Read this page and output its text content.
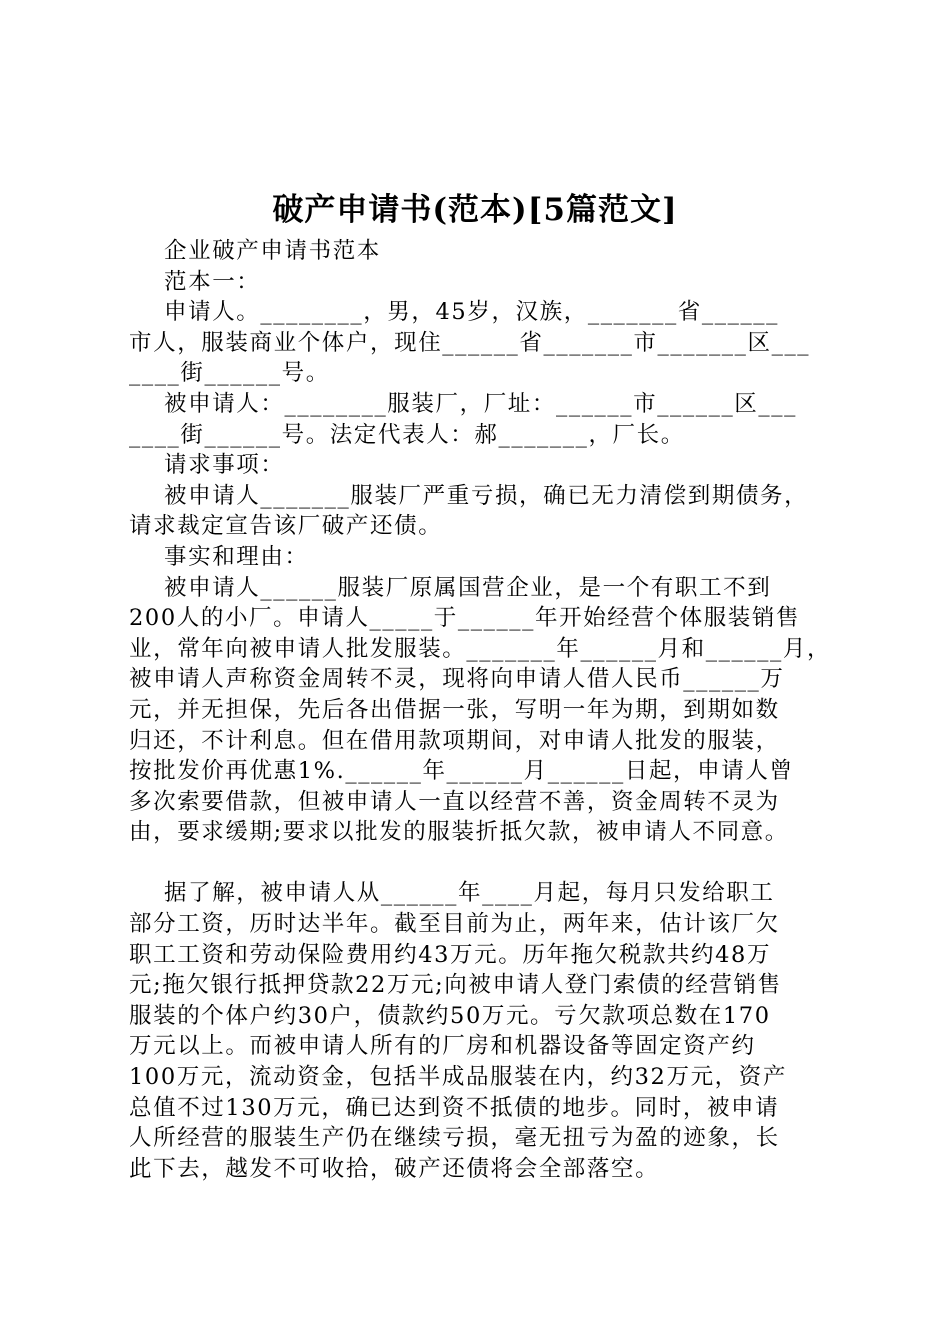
破产申请书(范本)[5篇范文]
企业破产申请书范本
范本一：
申请人。________，男，45岁，汉族，_______省______
市人，服装商业个体户，现住______省_______市_______区___
____街______号。
被申请人：________服装厂，厂址：______市______区___
____街______号。法定代表人：郝_______，厂长。
请求事项：
被申请人_______服装厂严重亏损，确已无力清偿到期债务，
请求裁定宣告该厂破产还债。
事实和理由：
被申请人______服装厂原属国营企业，是一个有职工不到
200人的小厂。申请人_____于______年开始经营个体服装销售
业，常年向被申请人批发服装。_______年______月和______月，
被申请人声称资金周转不灵，现将向申请人借人民币______万
元，并无担保，先后各出借据一张，写明一年为期，到期如数
归还，不计利息。但在借用款项期间，对申请人批发的服装，
按批发价再优惠1%.______年______月______日起，申请人曾
多次索要借款，但被申请人一直以经营不善，资金周转不灵为
由，要求缓期;要求以批发的服装折抵欠款，被申请人不同意。
据了解，被申请人从______年____月起，每月只发给职工
部分工资，历时达半年。截至目前为止，两年来，估计该厂欠
职工工资和劳动保险费用约43万元。历年拖欠税款共约48万
元;拖欠银行抵押贷款22万元;向被申请人登门索债的经营销售
服装的个体户约30户，债款约50万元。亏欠款项总数在170
万元以上。而被申请人所有的厂房和机器设备等固定资产约
100万元，流动资金，包括半成品服装在内，约32万元，资产
总值不过130万元，确已达到资不抵债的地步。同时，被申请
人所经营的服装生产仍在继续亏损，毫无扭亏为盈的迹象，长
此下去，越发不可收拾，破产还债将会全部落空。
